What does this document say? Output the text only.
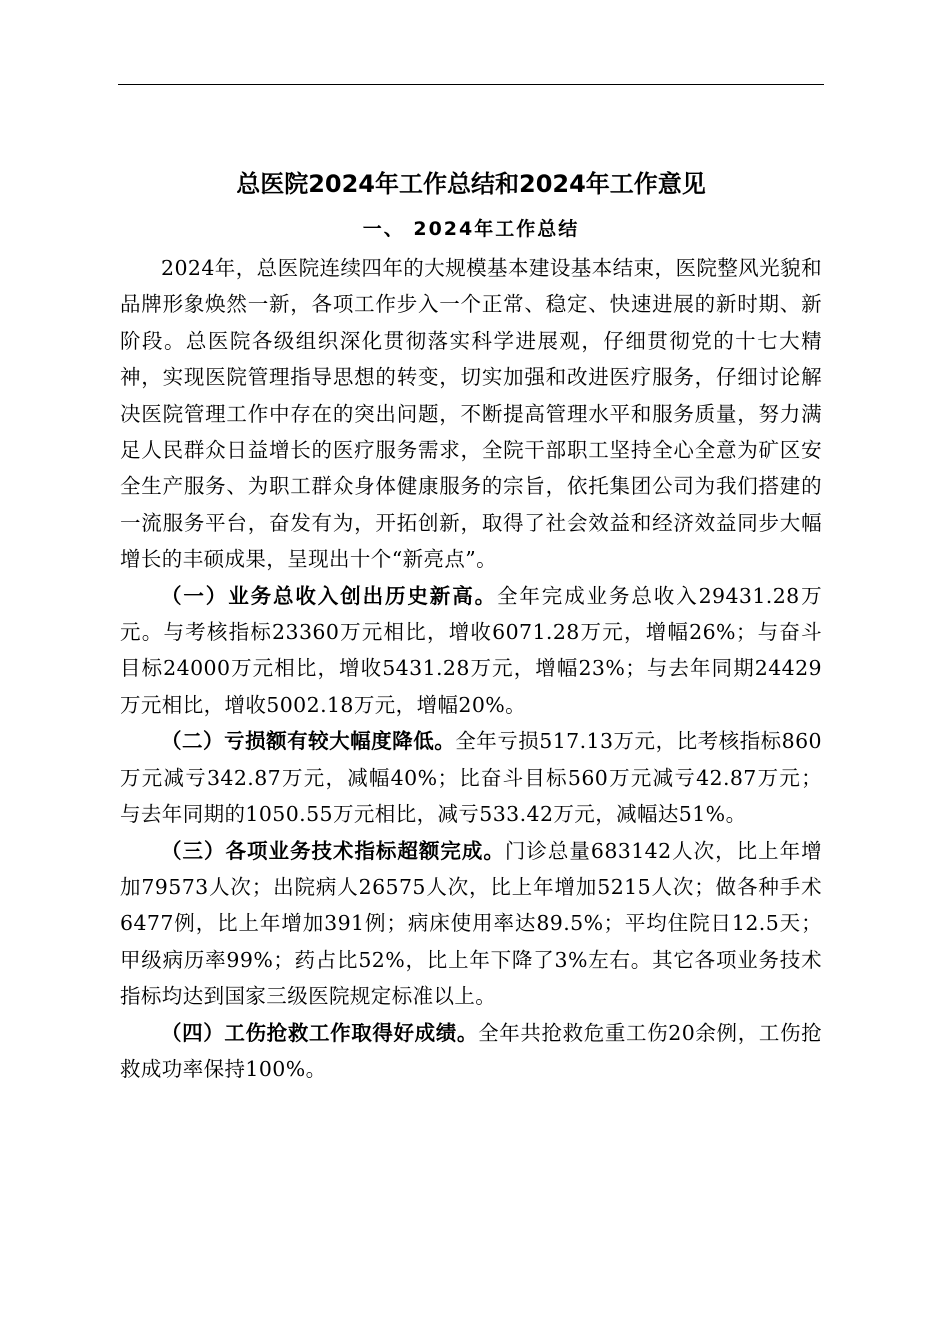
总医院2024年工作总结和2024年工作意见
一、 2024年工作总结

2024年，总医院连续四年的大规模基本建设基本结束，医院整风光貌和品牌形象焕然一新，各项工作步入一个正常、稳定、快速进展的新时期、新阶段。总医院各级组织深化贯彻落实科学进展观，仔细贯彻党的十七大精神，实现医院管理指导思想的转变，切实加强和改进医疗服务，仔细讨论解决医院管理工作中存在的突出问题，不断提高管理水平和服务质量，努力满足人民群众日益增长的医疗服务需求，全院干部职工坚持全心全意为矿区安全生产服务、为职工群众身体健康服务的宗旨，依托集团公司为我们搭建的一流服务平台，奋发有为，开拓创新，取得了社会效益和经济效益同步大幅增长的丰硕成果，呈现出十个“新亮点”。

（一）业务总收入创出历史新高。全年完成业务总收入29431.28万元。与考核指标23360万元相比，增收6071.28万元，增幅26%；与奋斗目标24000万元相比，增收5431.28万元，增幅23%；与去年同期24429万元相比，增收5002.18万元，增幅20%。

（二）亏损额有较大幅度降低。全年亏损517.13万元，比考核指标860万元减亏342.87万元，减幅40%；比奋斗目标560万元减亏42.87万元；与去年同期的1050.55万元相比，减亏533.42万元，减幅达51%。

（三）各项业务技术指标超额完成。门诊总量683142人次，比上年增加79573人次；出院病人26575人次，比上年增加5215人次；做各种手术6477例，比上年增加391例；病床使用率达89.5%；平均住院日12.5天；甲级病历率99%；药占比52%，比上年下降了3%左右。其它各项业务技术指标均达到国家三级医院规定标准以上。

（四）工伤抢救工作取得好成绩。全年共抢救危重工伤20余例，工伤抢救成功率保持100%。
